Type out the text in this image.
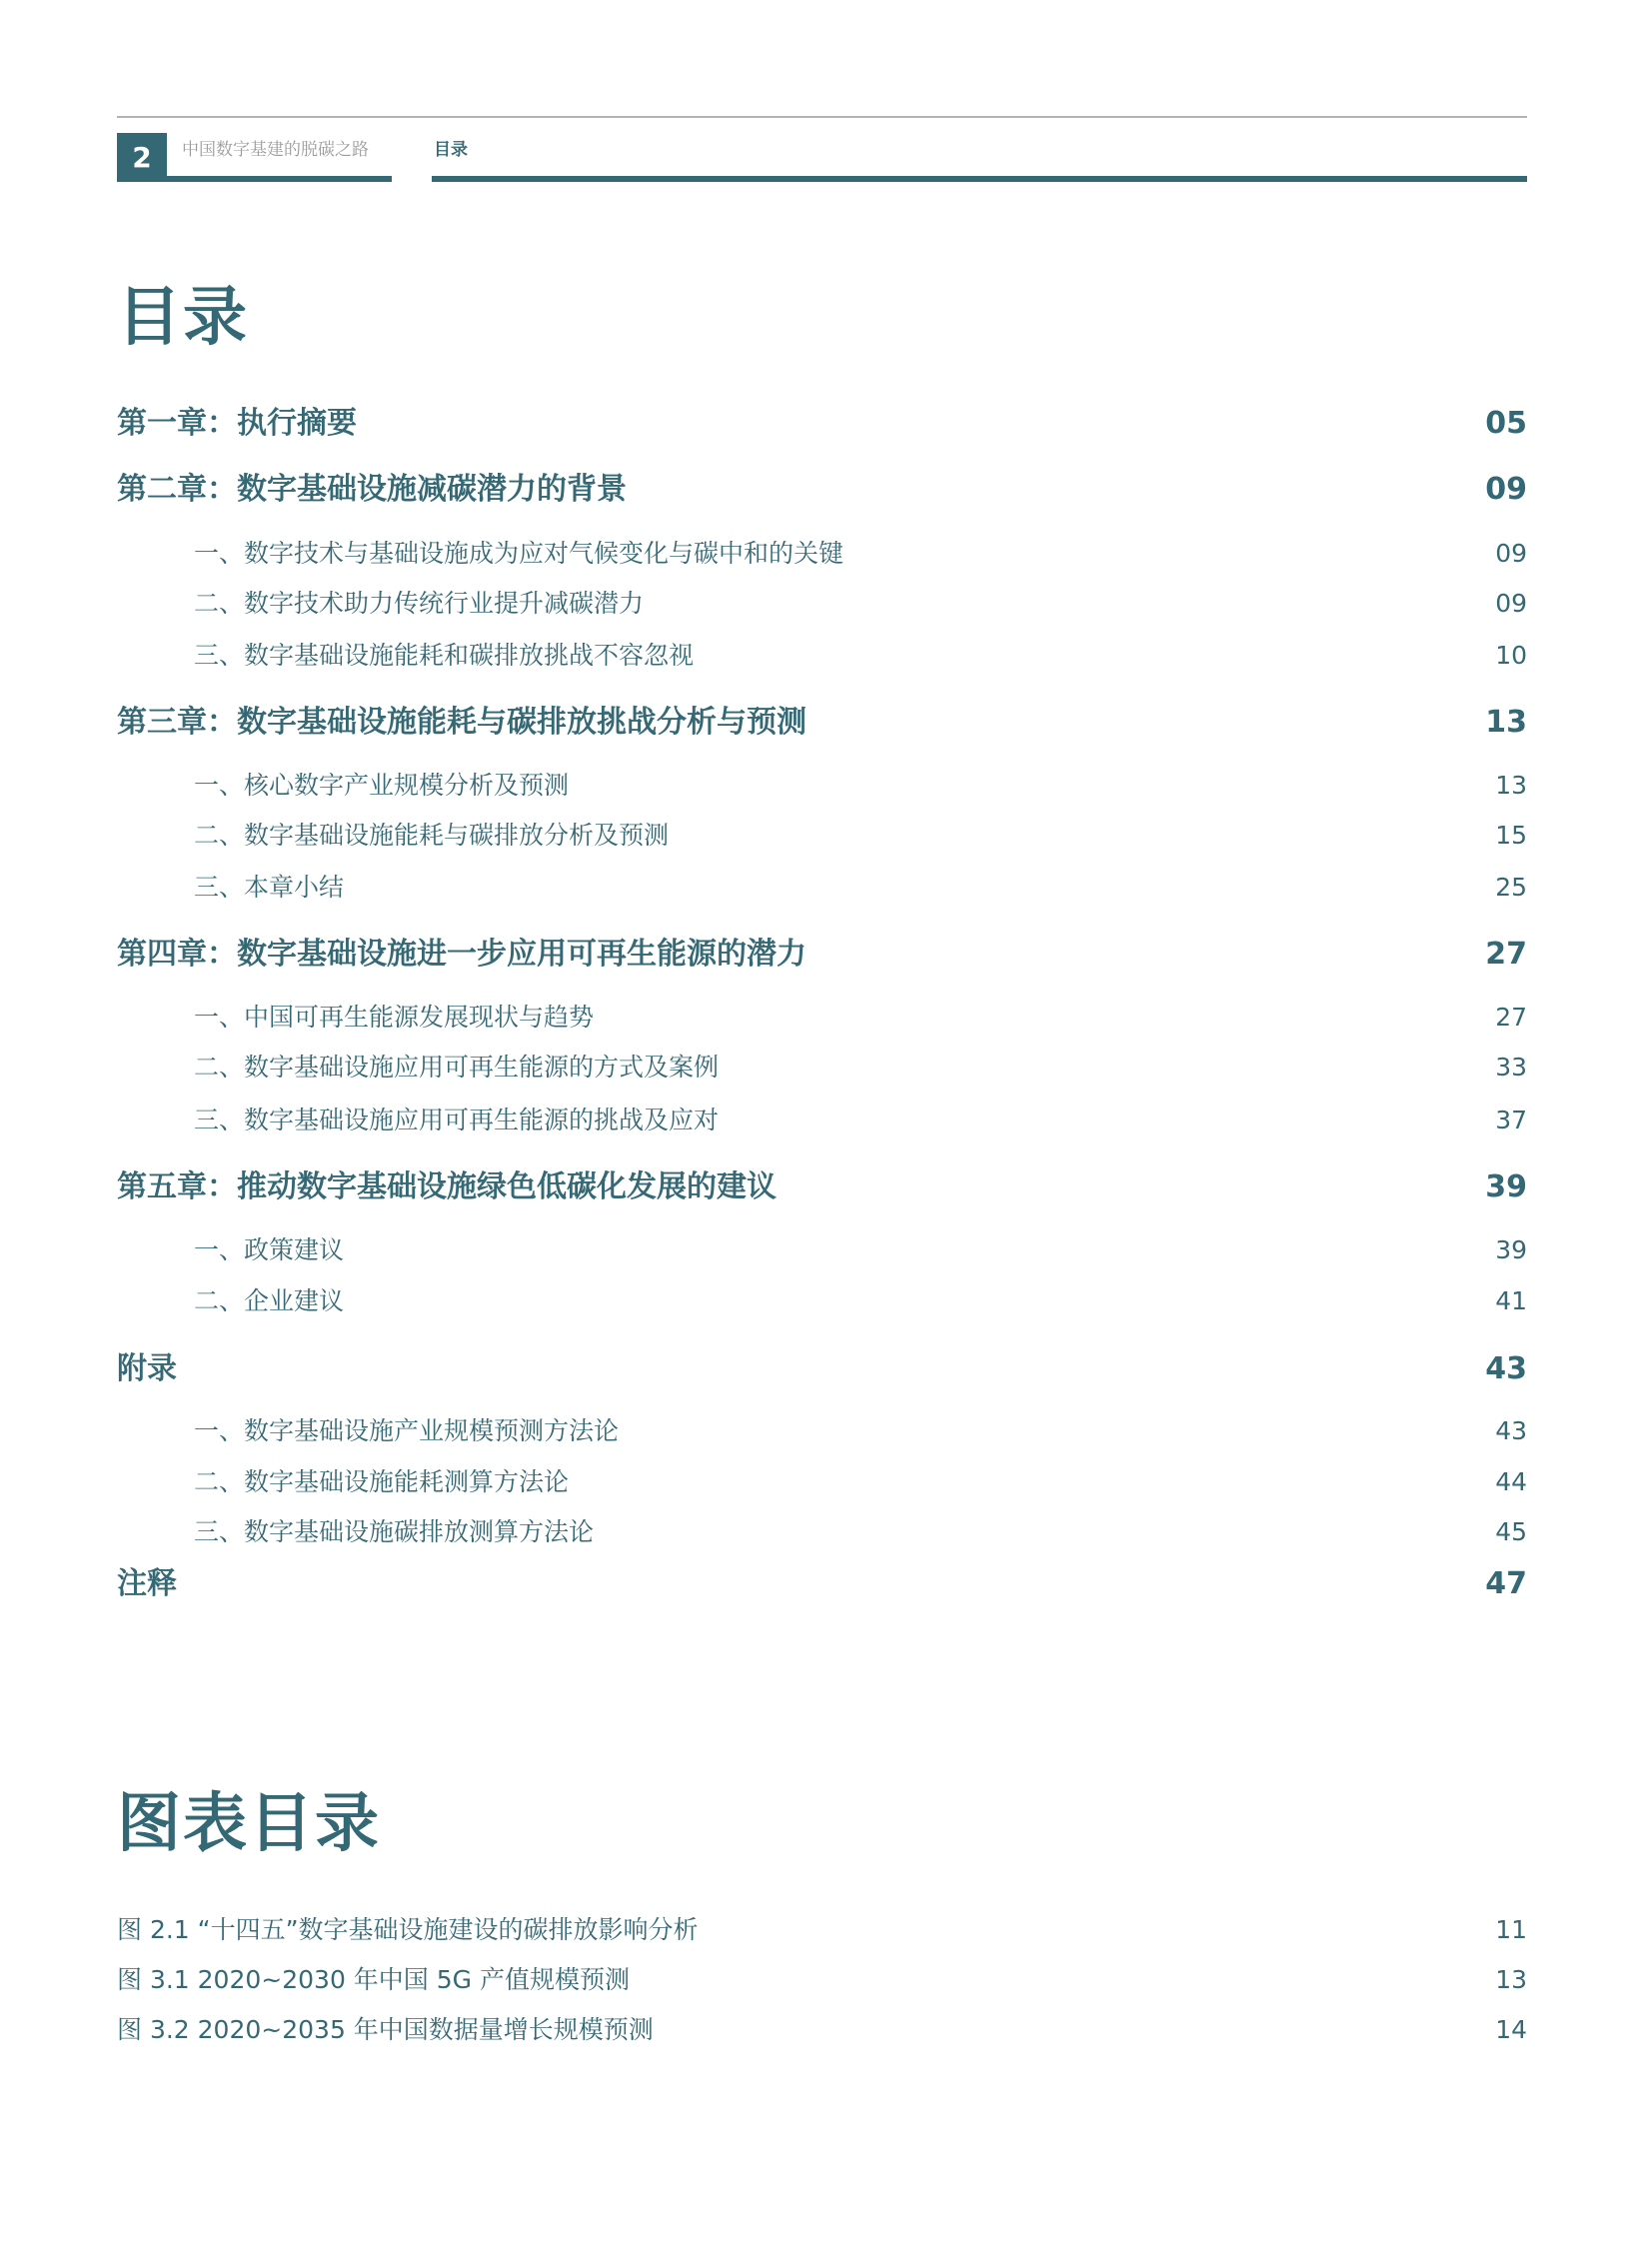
2	中国数字基建的脱碳之路	目录
目录
第一章：执行摘要	05
第二章：数字基础设施减碳潜力的背景	09
一、数字技术与基础设施成为应对气候变化与碳中和的关键	09
二、数字技术助力传统行业提升减碳潜力	09
三、数字基础设施能耗和碳排放挑战不容忽视	10
第三章：数字基础设施能耗与碳排放挑战分析与预测	13
一、核心数字产业规模分析及预测	13
二、数字基础设施能耗与碳排放分析及预测	15
三、本章小结	25
第四章：数字基础设施进一步应用可再生能源的潜力	27
一、中国可再生能源发展现状与趋势	27
二、数字基础设施应用可再生能源的方式及案例	33
三、数字基础设施应用可再生能源的挑战及应对	37
第五章：推动数字基础设施绿色低碳化发展的建议	39
一、政策建议	39
二、企业建议	41
附录	43
一、数字基础设施产业规模预测方法论	43
二、数字基础设施能耗测算方法论	44
三、数字基础设施碳排放测算方法论	45
注释	47
图表目录
图 2.1 “十四五”数字基础设施建设的碳排放影响分析	11
图 3.1 2020~2030 年中国 5G 产值规模预测	13
图 3.2 2020~2035 年中国数据量增长规模预测	14
